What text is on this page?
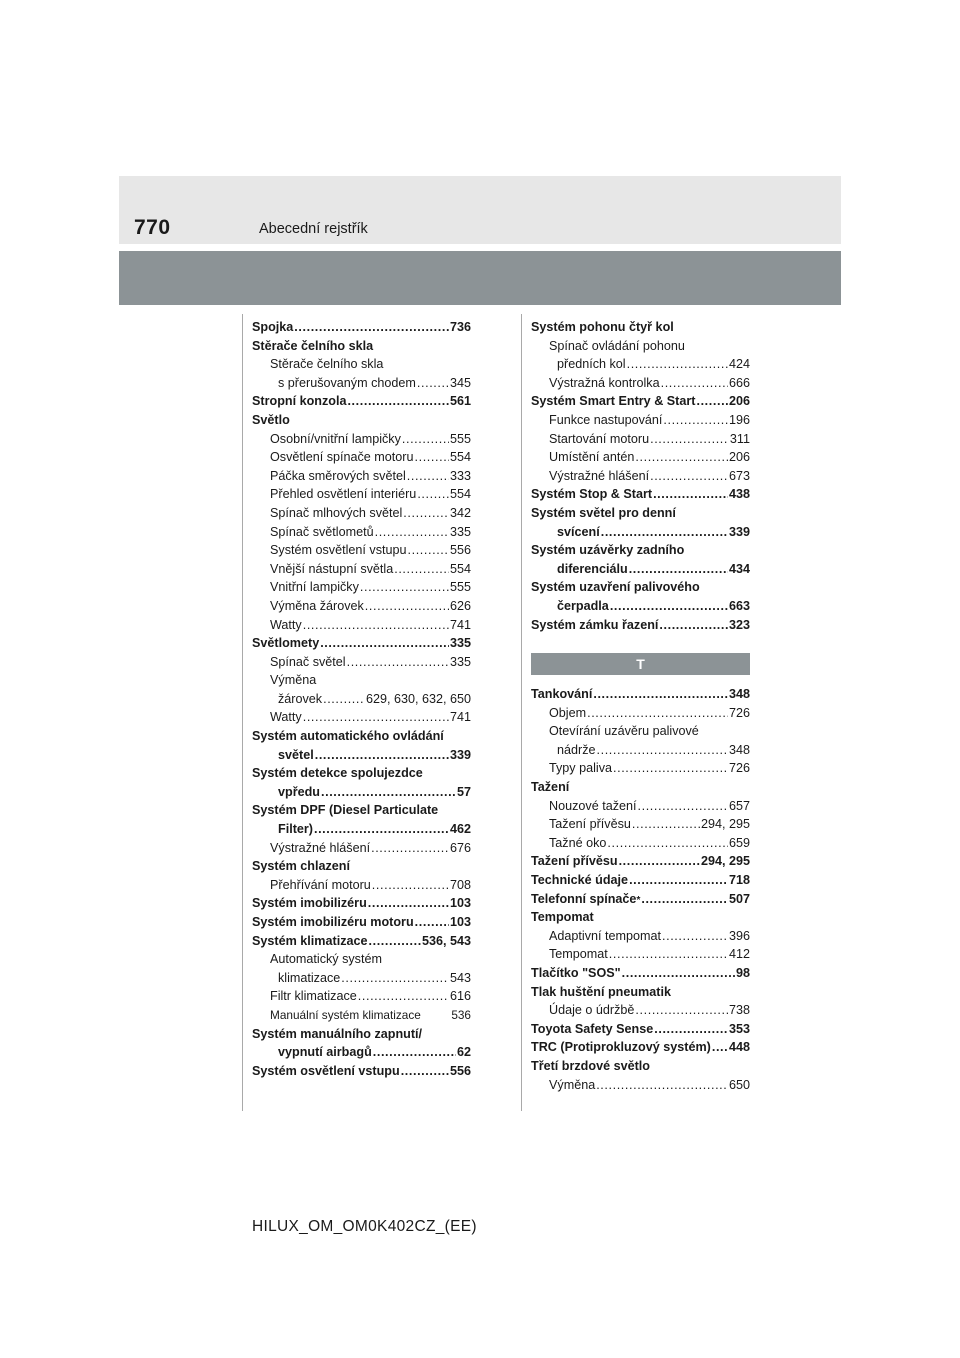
770	Abecední rejstřík
Spojka .....	736
Stěrače čelního skla
Stěrače čelního skla
s přerušovaným chodem .....	345
Stropní konzola .....	561
Světlo
Osobní/vnitřní lampičky .....	555
Osvětlení spínače motoru .....	554
Páčka směrových světel .....	333
Přehled osvětlení interiéru .....	554
Spínač mlhových světel .....	342
Spínač světlometů .....	335
Systém osvětlení vstupu .....	556
Vnější nástupní světla .....	554
Vnitřní lampičky .....	555
Výměna žárovek .....	626
Watty .....	741
Světlomety .....	335
Spínač světel .....	335
Výměna
žárovek .....	629, 630, 632, 650
Watty .....	741
Systém automatického ovládání
světel .....	339
Systém detekce spolujezdce
vpředu .....	57
Systém DPF (Diesel Particulate
Filter) .....	462
Výstražné hlášení .....	676
Systém chlazení
Přehřívání motoru .....	708
Systém imobilizéru .....	103
Systém imobilizéru motoru .....	103
Systém klimatizace .....	536, 543
Automatický systém
klimatizace .....	543
Filtr klimatizace .....	616
Manuální systém klimatizace	536
Systém manuálního zapnutí/
vypnutí airbagů .....	62
Systém osvětlení vstupu .....	556
Systém pohonu čtyř kol
Spínač ovládání pohonu
předních kol .....	424
Výstražná kontrolka .....	666
Systém Smart Entry & Start .....	206
Funkce nastupování .....	196
Startování motoru .....	311
Umístění antén .....	206
Výstražné hlášení .....	673
Systém Stop & Start .....	438
Systém světel pro denní
svícení .....	339
Systém uzávěrky zadního
diferenciálu .....	434
Systém uzavření palivového
čerpadla .....	663
Systém zámku řazení .....	323
T
Tankování .....	348
Objem .....	726
Otevírání uzávěru palivové
nádrže .....	348
Typy paliva .....	726
Tažení
Nouzové tažení .....	657
Tažení přívěsu .....	294, 295
Tažné oko .....	659
Tažení přívěsu .....	294, 295
Technické údaje .....	718
Telefonní spínače * .....	507
Tempomat
Adaptivní tempomat .....	396
Tempomat .....	412
Tlačítko "SOS" .....	98
Tlak huštění pneumatik
Údaje o údržbě .....	738
Toyota Safety Sense .....	353
TRC (Protiprokluzový systém) ..... 448
Třetí brzdové světlo
Výměna .....	650
HILUX_OM_OM0K402CZ_(EE)
